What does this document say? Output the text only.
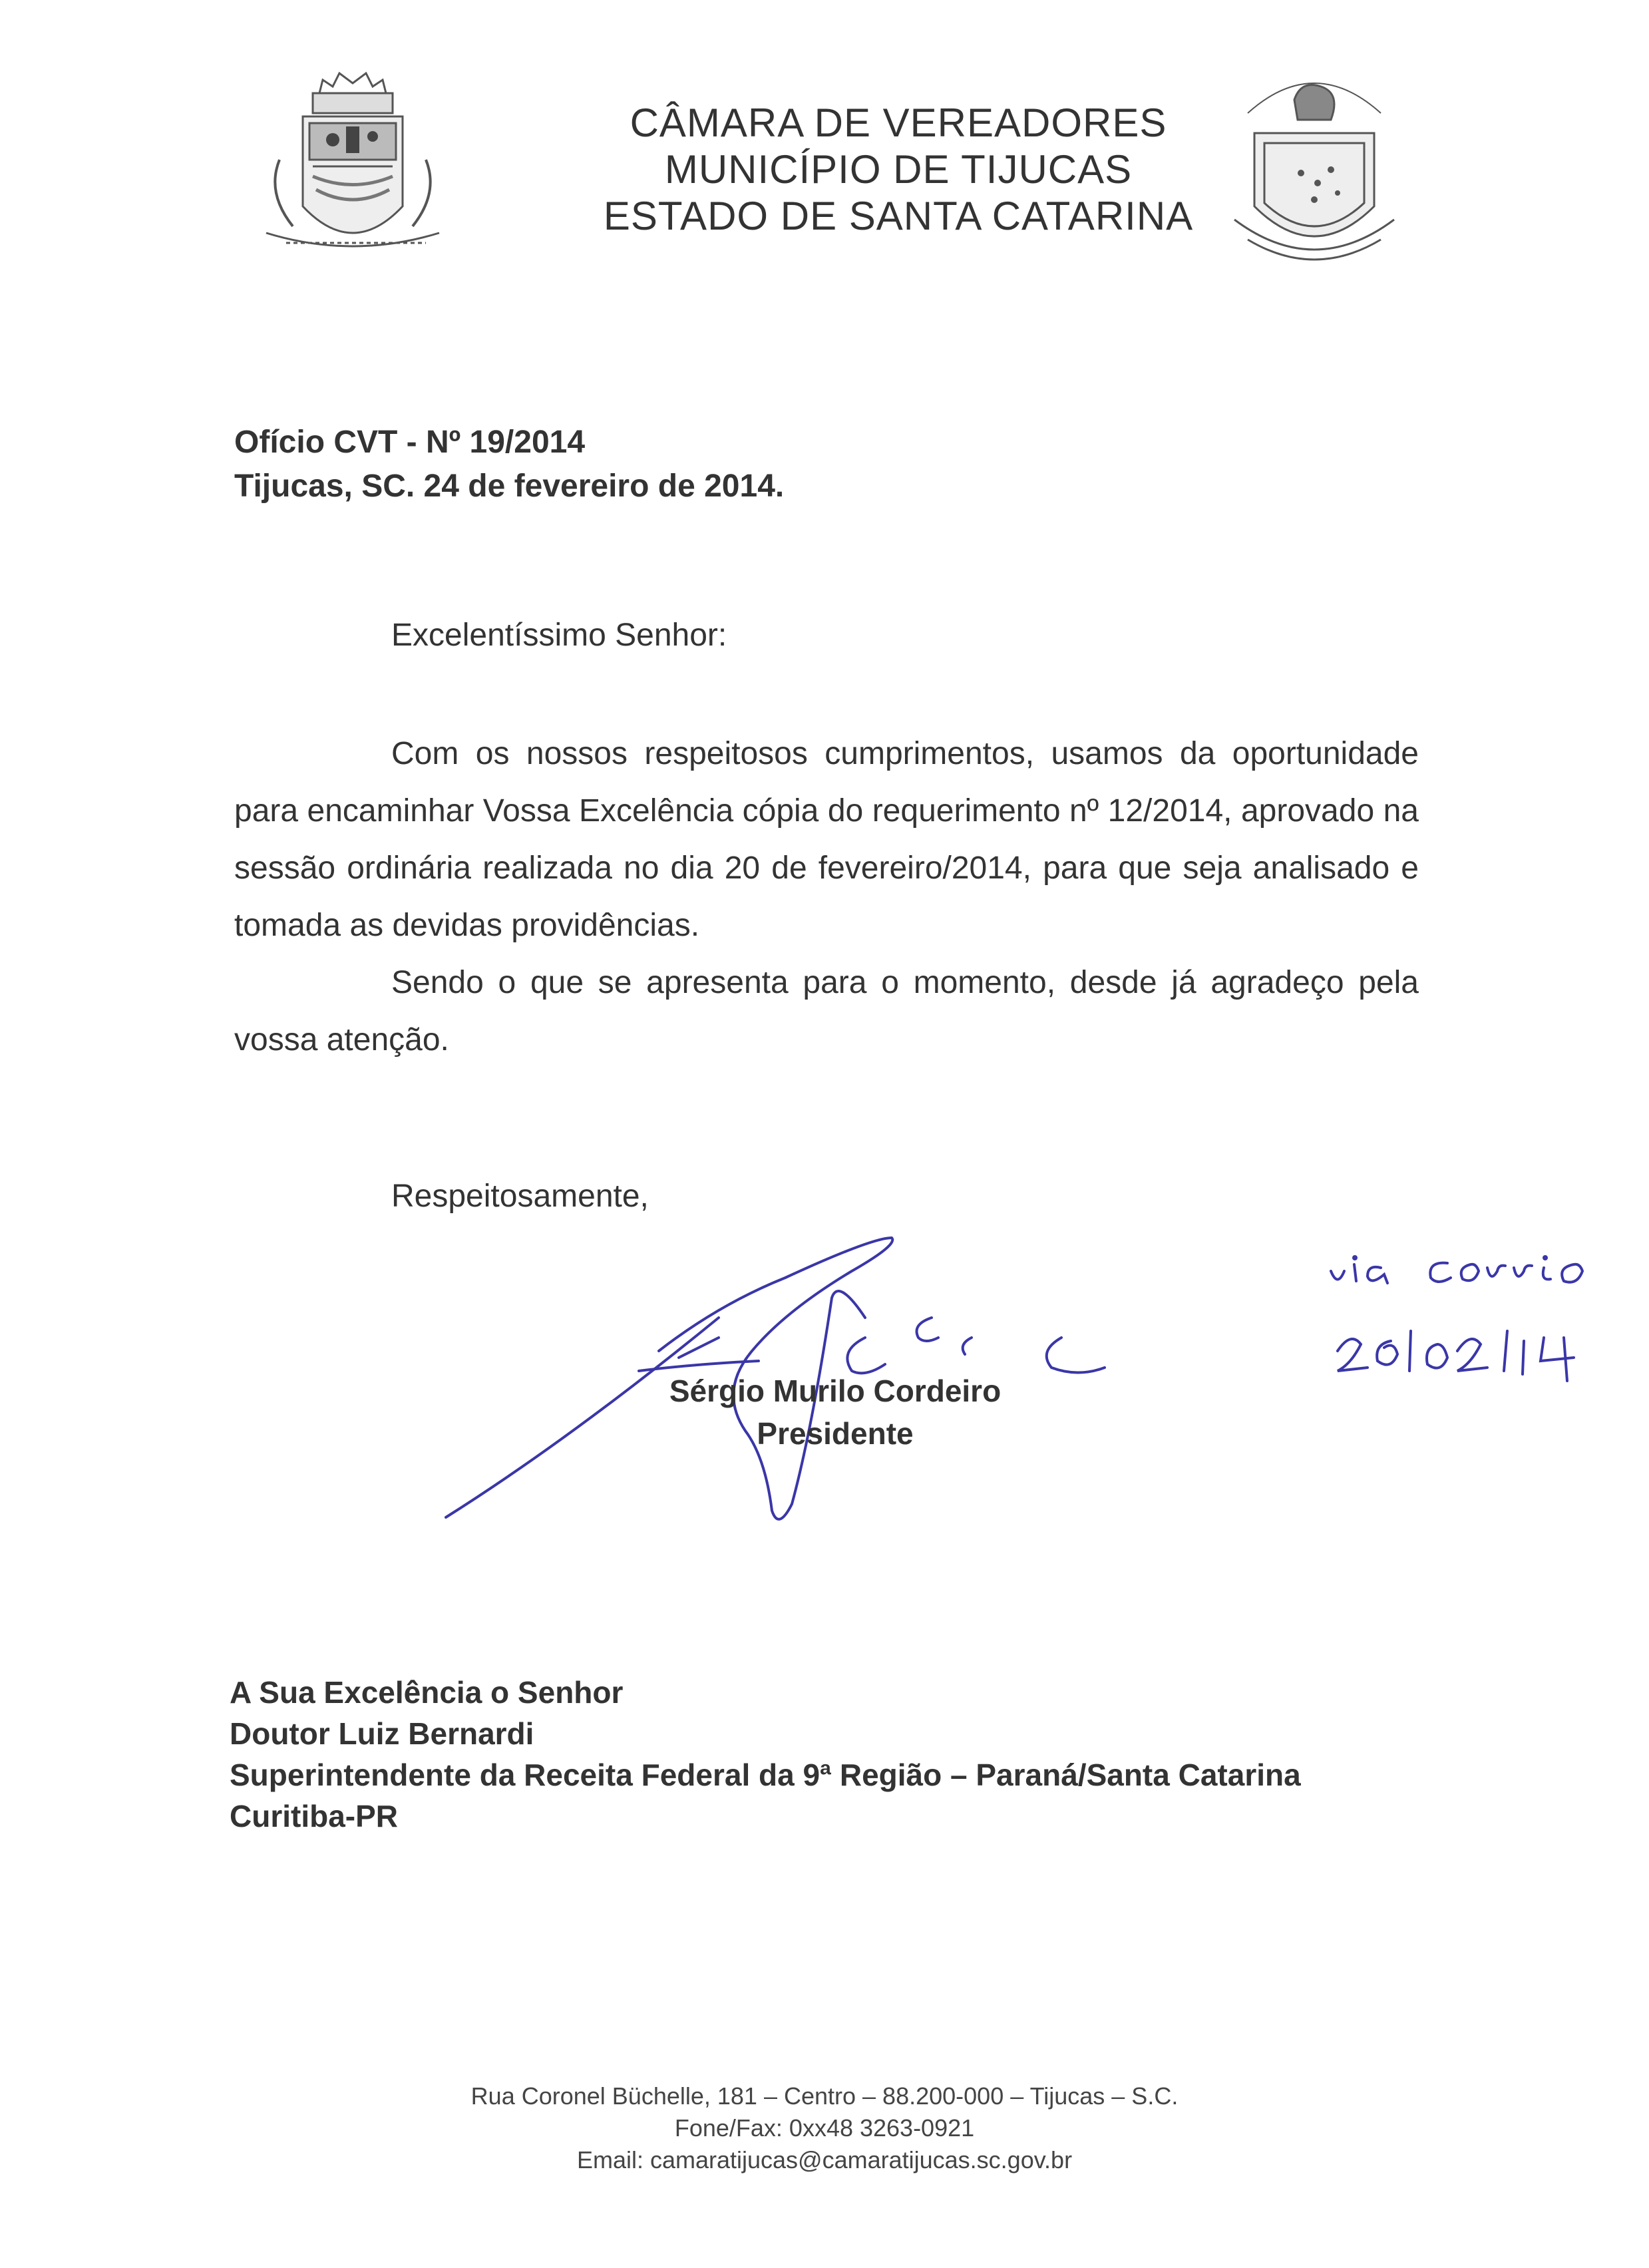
CÂMARA DE VEREADORES
MUNICÍPIO DE TIJUCAS
ESTADO DE SANTA CATARINA
Ofício CVT - Nº 19/2014
Tijucas, SC. 24 de fevereiro de 2014.
Excelentíssimo Senhor:

Com os nossos respeitosos cumprimentos, usamos da oportunidade para encaminhar Vossa Excelência cópia do requerimento nº 12/2014, aprovado na sessão ordinária realizada no dia 20 de fevereiro/2014, para que seja analisado e tomada as devidas providências.

Sendo o que se apresenta para o momento, desde já agradeço pela vossa atenção.

Respeitosamente,
Sérgio Murilo Cordeiro
Presidente
A Sua Excelência o Senhor
Doutor Luiz Bernardi
Superintendente da Receita Federal da 9ª Região – Paraná/Santa Catarina
Curitiba-PR
Rua Coronel Büchelle, 181 – Centro – 88.200-000 – Tijucas – S.C.
Fone/Fax: 0xx48 3263-0921
Email: camaratijucas@camaratijucas.sc.gov.br
